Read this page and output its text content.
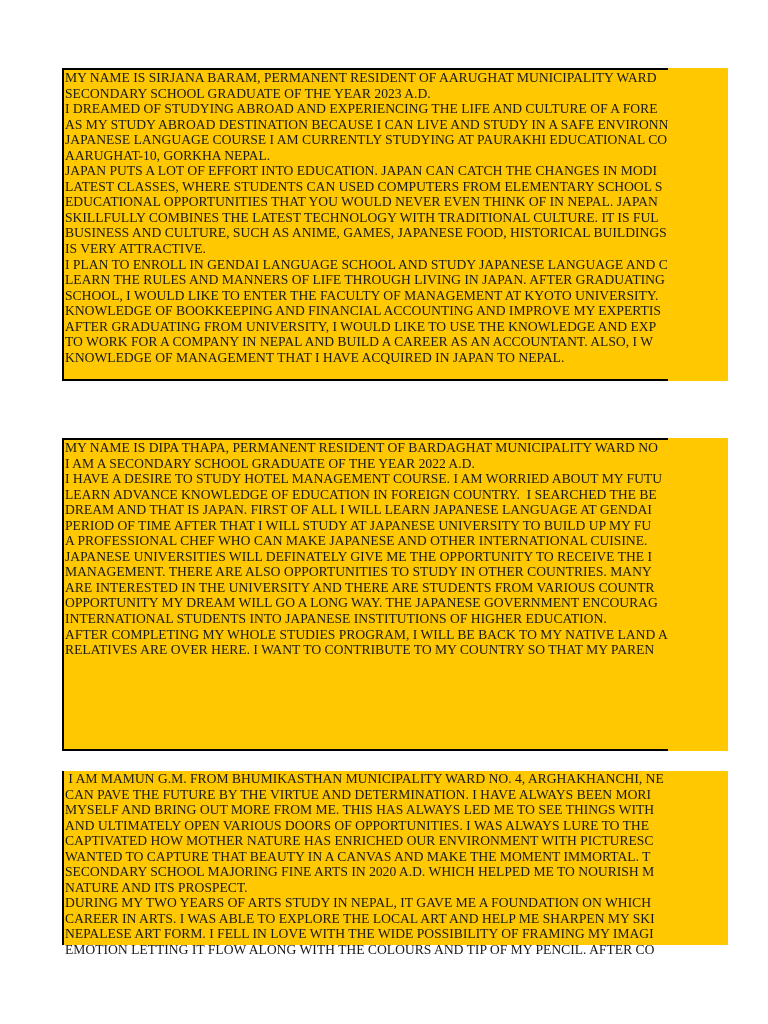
MY NAME IS SIRJANA BARAM, PERMANENT RESIDENT OF AARUGHAT MUNICIPALITY WARD
SECONDARY SCHOOL GRADUATE OF THE YEAR 2023 A.D.
I DREAMED OF STUDYING ABROAD AND EXPERIENCING THE LIFE AND CULTURE OF A FORE
AS MY STUDY ABROAD DESTINATION BECAUSE I CAN LIVE AND STUDY IN A SAFE ENVIRONN
JAPANESE LANGUAGE COURSE I AM CURRENTLY STUDYING AT PAURAKHI EDUCATIONAL CO
AARUGHAT-10, GORKHA NEPAL.
JAPAN PUTS A LOT OF EFFORT INTO EDUCATION. JAPAN CAN CATCH THE CHANGES IN MODI
LATEST CLASSES, WHERE STUDENTS CAN USED COMPUTERS FROM ELEMENTARY SCHOOL S
EDUCATIONAL OPPORTUNITIES THAT YOU WOULD NEVER EVEN THINK OF IN NEPAL. JAPAN
SKILLFULLY COMBINES THE LATEST TECHNOLOGY WITH TRADITIONAL CULTURE. IT IS FUL
BUSINESS AND CULTURE, SUCH AS ANIME, GAMES, JAPANESE FOOD, HISTORICAL BUILDINGS
IS VERY ATTRACTIVE.
I PLAN TO ENROLL IN GENDAI LANGUAGE SCHOOL AND STUDY JAPANESE LANGUAGE AND C
LEARN THE RULES AND MANNERS OF LIFE THROUGH LIVING IN JAPAN. AFTER GRADUATING
SCHOOL, I WOULD LIKE TO ENTER THE FACULTY OF MANAGEMENT AT KYOTO UNIVERSITY.
KNOWLEDGE OF BOOKKEEPING AND FINANCIAL ACCOUNTING AND IMPROVE MY EXPERTIS
AFTER GRADUATING FROM UNIVERSITY, I WOULD LIKE TO USE THE KNOWLEDGE AND EXP
TO WORK FOR A COMPANY IN NEPAL AND BUILD A CAREER AS AN ACCOUNTANT. ALSO, I W
KNOWLEDGE OF MANAGEMENT THAT I HAVE ACQUIRED IN JAPAN TO NEPAL.
MY NAME IS DIPA THAPA, PERMANENT RESIDENT OF BARDAGHAT MUNICIPALITY WARD NO
I AM A SECONDARY SCHOOL GRADUATE OF THE YEAR 2022 A.D.
I HAVE A DESIRE TO STUDY HOTEL MANAGEMENT COURSE. I AM WORRIED ABOUT MY FUTU
LEARN ADVANCE KNOWLEDGE OF EDUCATION IN FOREIGN COUNTRY.  I SEARCHED THE BE
DREAM AND THAT IS JAPAN. FIRST OF ALL I WILL LEARN JAPANESE LANGUAGE AT GENDAI
PERIOD OF TIME AFTER THAT I WILL STUDY AT JAPANESE UNIVERSITY TO BUILD UP MY FU
A PROFESSIONAL CHEF WHO CAN MAKE JAPANESE AND OTHER INTERNATIONAL CUISINE.
JAPANESE UNIVERSITIES WILL DEFINATELY GIVE ME THE OPPORTUNITY TO RECEIVE THE I
MANAGEMENT. THERE ARE ALSO OPPORTUNITIES TO STUDY IN OTHER COUNTRIES. MANY
ARE INTERESTED IN THE UNIVERSITY AND THERE ARE STUDENTS FROM VARIOUS COUNTR
OPPORTUNITY MY DREAM WILL GO A LONG WAY. THE JAPANESE GOVERNMENT ENCOURAG
INTERNATIONAL STUDENTS INTO JAPANESE INSTITUTIONS OF HIGHER EDUCATION.
AFTER COMPLETING MY WHOLE STUDIES PROGRAM, I WILL BE BACK TO MY NATIVE LAND A
RELATIVES ARE OVER HERE. I WANT TO CONTRIBUTE TO MY COUNTRY SO THAT MY PAREN
I AM MAMUN G.M. FROM BHUMIKASTHAN MUNICIPALITY WARD NO. 4, ARGHAKHANCHI, NE
CAN PAVE THE FUTURE BY THE VIRTUE AND DETERMINATION. I HAVE ALWAYS BEEN MORI
MYSELF AND BRING OUT MORE FROM ME. THIS HAS ALWAYS LED ME TO SEE THINGS WITH
AND ULTIMATELY OPEN VARIOUS DOORS OF OPPORTUNITIES. I WAS ALWAYS LURE TO THE
CAPTIVATED HOW MOTHER NATURE HAS ENRICHED OUR ENVIRONMENT WITH PICTURESC
WANTED TO CAPTURE THAT BEAUTY IN A CANVAS AND MAKE THE MOMENT IMMORTAL. T
SECONDARY SCHOOL MAJORING FINE ARTS IN 2020 A.D. WHICH HELPED ME TO NOURISH M
NATURE AND ITS PROSPECT.
DURING MY TWO YEARS OF ARTS STUDY IN NEPAL, IT GAVE ME A FOUNDATION ON WHICH
CAREER IN ARTS. I WAS ABLE TO EXPLORE THE LOCAL ART AND HELP ME SHARPEN MY SKI
NEPALESE ART FORM. I FELL IN LOVE WITH THE WIDE POSSIBILITY OF FRAMING MY IMAGI
EMOTION LETTING IT FLOW ALONG WITH THE COLOURS AND TIP OF MY PENCIL. AFTER CO
